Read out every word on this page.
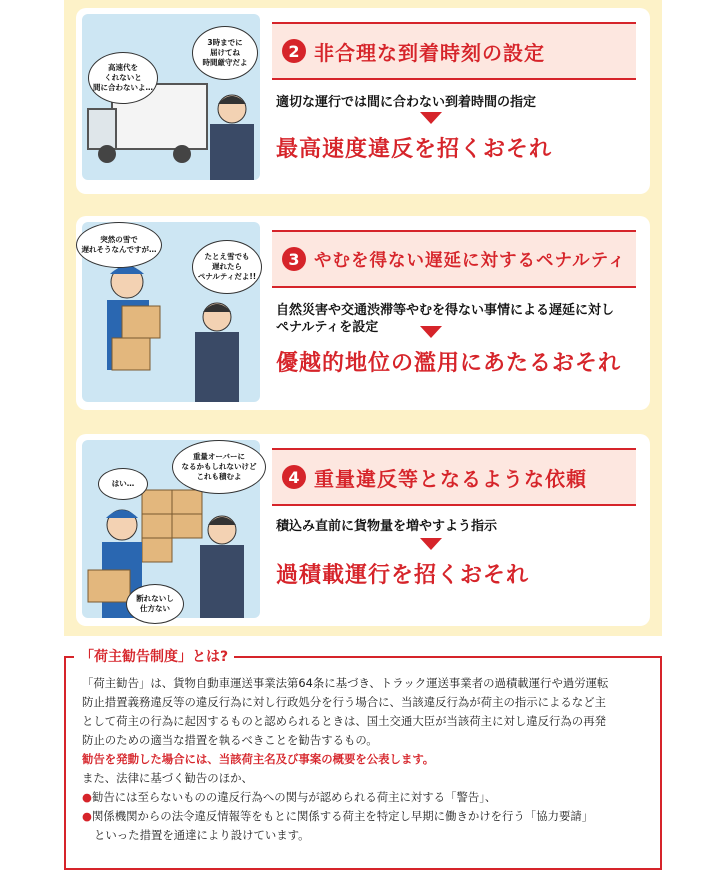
高速代を
くれないと
間に合わないよ…
3時までに
届けてね
時間厳守だよ
2 非合理な到着時刻の設定
適切な運行では間に合わない到着時間の指定
最高速度違反を招くおそれ
突然の雪で
遅れそうなんですが…
たとえ雪でも
遅れたら
ペナルティだよ!!
3 やむを得ない遅延に対するペナルティ
自然災害や交通渋滞等やむを得ない事情による遅延に対し
ペナルティを設定
優越的地位の濫用にあたるおそれ
はい…
重量オーバーに
なるかもしれないけど
これも積むよ
断れないし
仕方ない
4 重量違反等となるような依頼
積込み直前に貨物量を増やすよう指示
過積載運行を招くおそれ
「荷主勧告制度」とは?
「荷主勧告」は、貨物自動車運送事業法第64条に基づき、トラック運送事業者の過積載運行や過労運転
防止措置義務違反等の違反行為に対し行政処分を行う場合に、当該違反行為が荷主の指示によるなど主
として荷主の行為に起因するものと認められるときは、国土交通大臣が当該荷主に対し違反行為の再発
防止のための適当な措置を執るべきことを勧告するもの。
勧告を発動した場合には、当該荷主名及び事案の概要を公表します。
また、法律に基づく勧告のほか、
●勧告には至らないものの違反行為への関与が認められる荷主に対する「警告」、
●関係機関からの法令違反情報等をもとに関係する荷主を特定し早期に働きかけを行う「協力要請」
といった措置を通達により設けています。
